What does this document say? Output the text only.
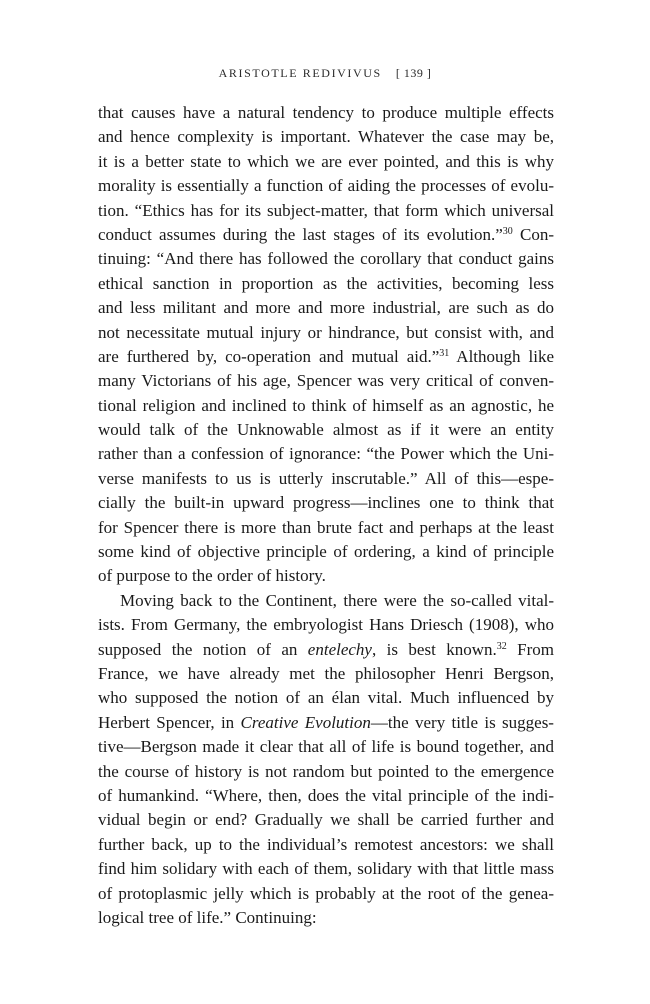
ARISTOTLE REDIVIVUS [ 139 ]
that causes have a natural tendency to produce multiple effects
and hence complexity is important. Whatever the case may be,
it is a better state to which we are ever pointed, and this is why
morality is essentially a function of aiding the processes of evolu-
tion. “Ethics has for its subject-matter, that form which universal
conduct assumes during the last stages of its evolution.”$^{30}$ Con-
tinuing: “And there has followed the corollary that conduct gains
ethical sanction in proportion as the activities, becoming less
and less militant and more and more industrial, are such as do
not necessitate mutual injury or hindrance, but consist with, and
are furthered by, co-operation and mutual aid.”$^{31}$ Although like
many Victorians of his age, Spencer was very critical of conven-
tional religion and inclined to think of himself as an agnostic, he
would talk of the Unknowable almost as if it were an entity
rather than a confession of ignorance: “the Power which the Uni-
verse manifests to us is utterly inscrutable.” All of this—espe-
cially the built-in upward progress—inclines one to think that
for Spencer there is more than brute fact and perhaps at the least
some kind of objective principle of ordering, a kind of principle
of purpose to the order of history.
Moving back to the Continent, there were the so-called vital-
ists. From Germany, the embryologist Hans Driesch (1908), who
supposed the notion of an entelechy, is best known.$^{32}$ From
France, we have already met the philosopher Henri Bergson,
who supposed the notion of an élan vital. Much influenced by
Herbert Spencer, in Creative Evolution—the very title is sugges-
tive—Bergson made it clear that all of life is bound together, and
the course of history is not random but pointed to the emergence
of humankind. “Where, then, does the vital principle of the indi-
vidual begin or end? Gradually we shall be carried further and
further back, up to the individual’s remotest ancestors: we shall
find him solidary with each of them, solidary with that little mass
of protoplasmic jelly which is probably at the root of the genea-
logical tree of life.” Continuing:
